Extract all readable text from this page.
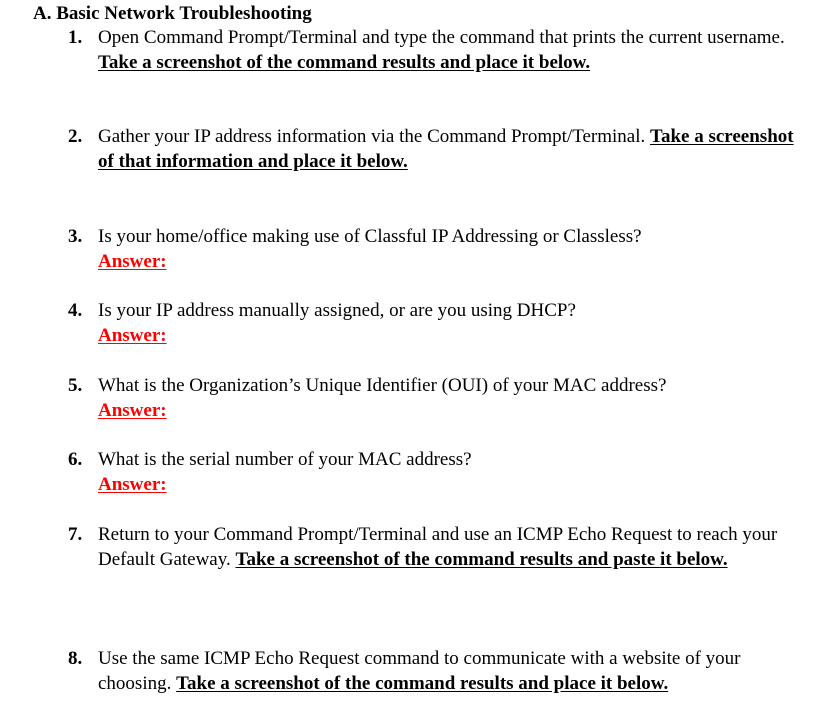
A. Basic Network Troubleshooting
1. Open Command Prompt/Terminal and type the command that prints the current username. Take a screenshot of the command results and place it below.
2. Gather your IP address information via the Command Prompt/Terminal. Take a screenshot of that information and place it below.
3. Is your home/office making use of Classful IP Addressing or Classless?
Answer:
4. Is your IP address manually assigned, or are you using DHCP?
Answer:
5. What is the Organization’s Unique Identifier (OUI) of your MAC address?
Answer:
6. What is the serial number of your MAC address?
Answer:
7. Return to your Command Prompt/Terminal and use an ICMP Echo Request to reach your Default Gateway. Take a screenshot of the command results and paste it below.
8. Use the same ICMP Echo Request command to communicate with a website of your choosing. Take a screenshot of the command results and place it below.
